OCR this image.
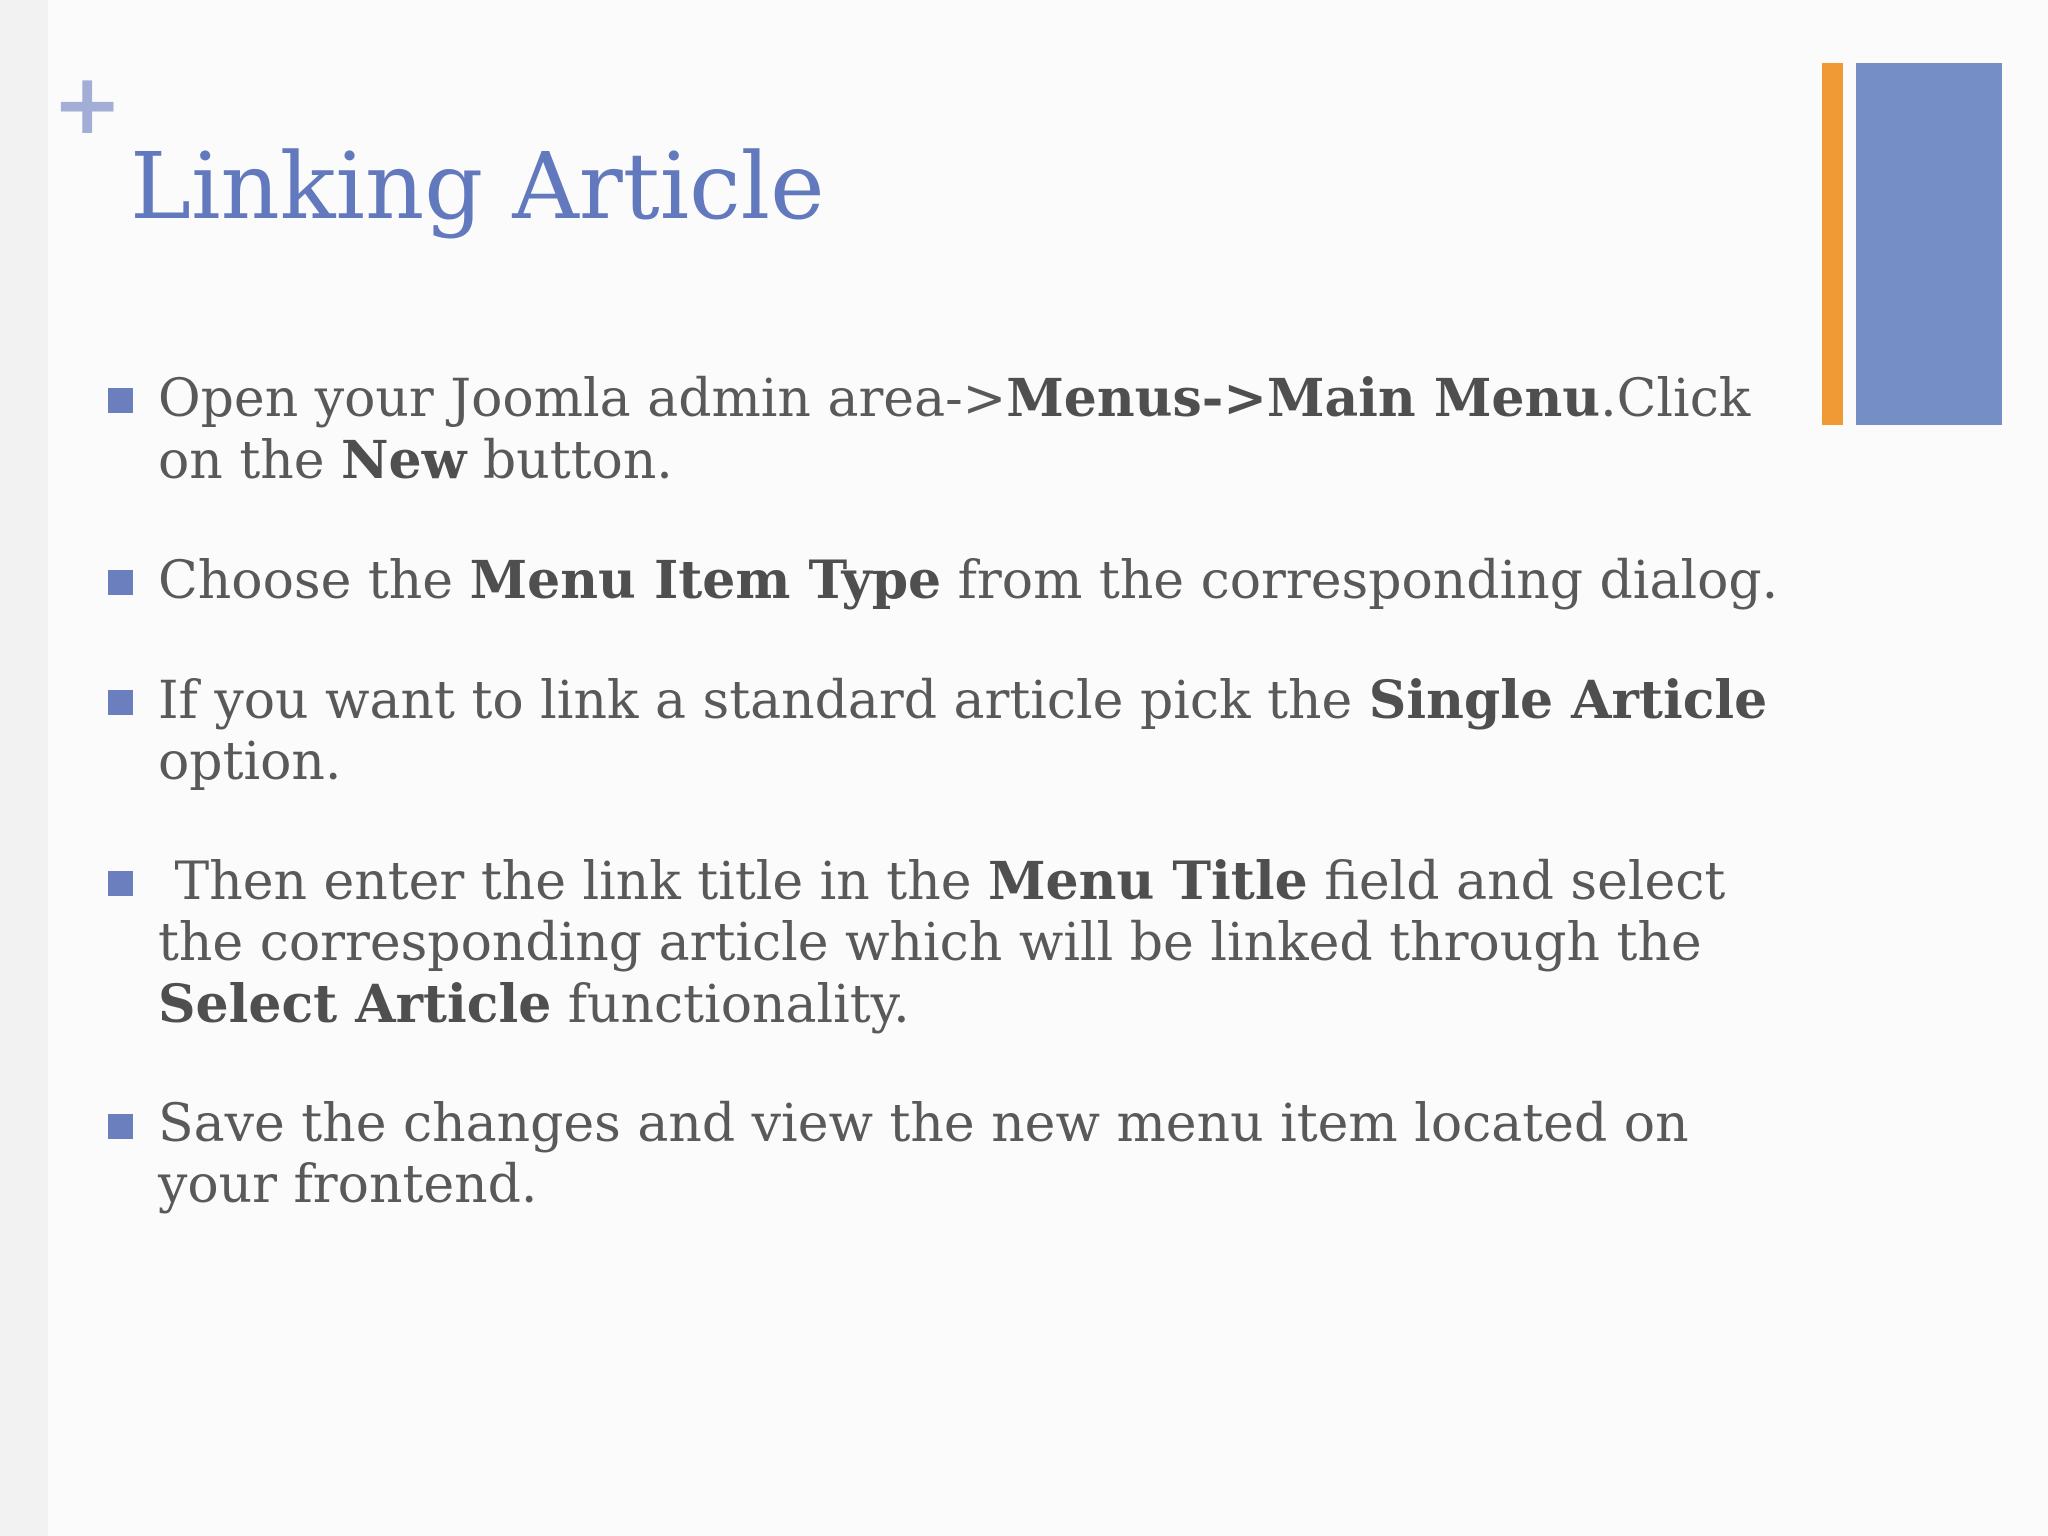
+
Linking Article
Open your Joomla admin area->Menus->Main Menu.Click on the New button.
Choose the Menu Item Type from the corresponding dialog.
If you want to link a standard article pick the Single Article option.
Then enter the link title in the Menu Title field and select the corresponding article which will be linked through the Select Article functionality.
Save the changes and view the new menu item located on your frontend.
